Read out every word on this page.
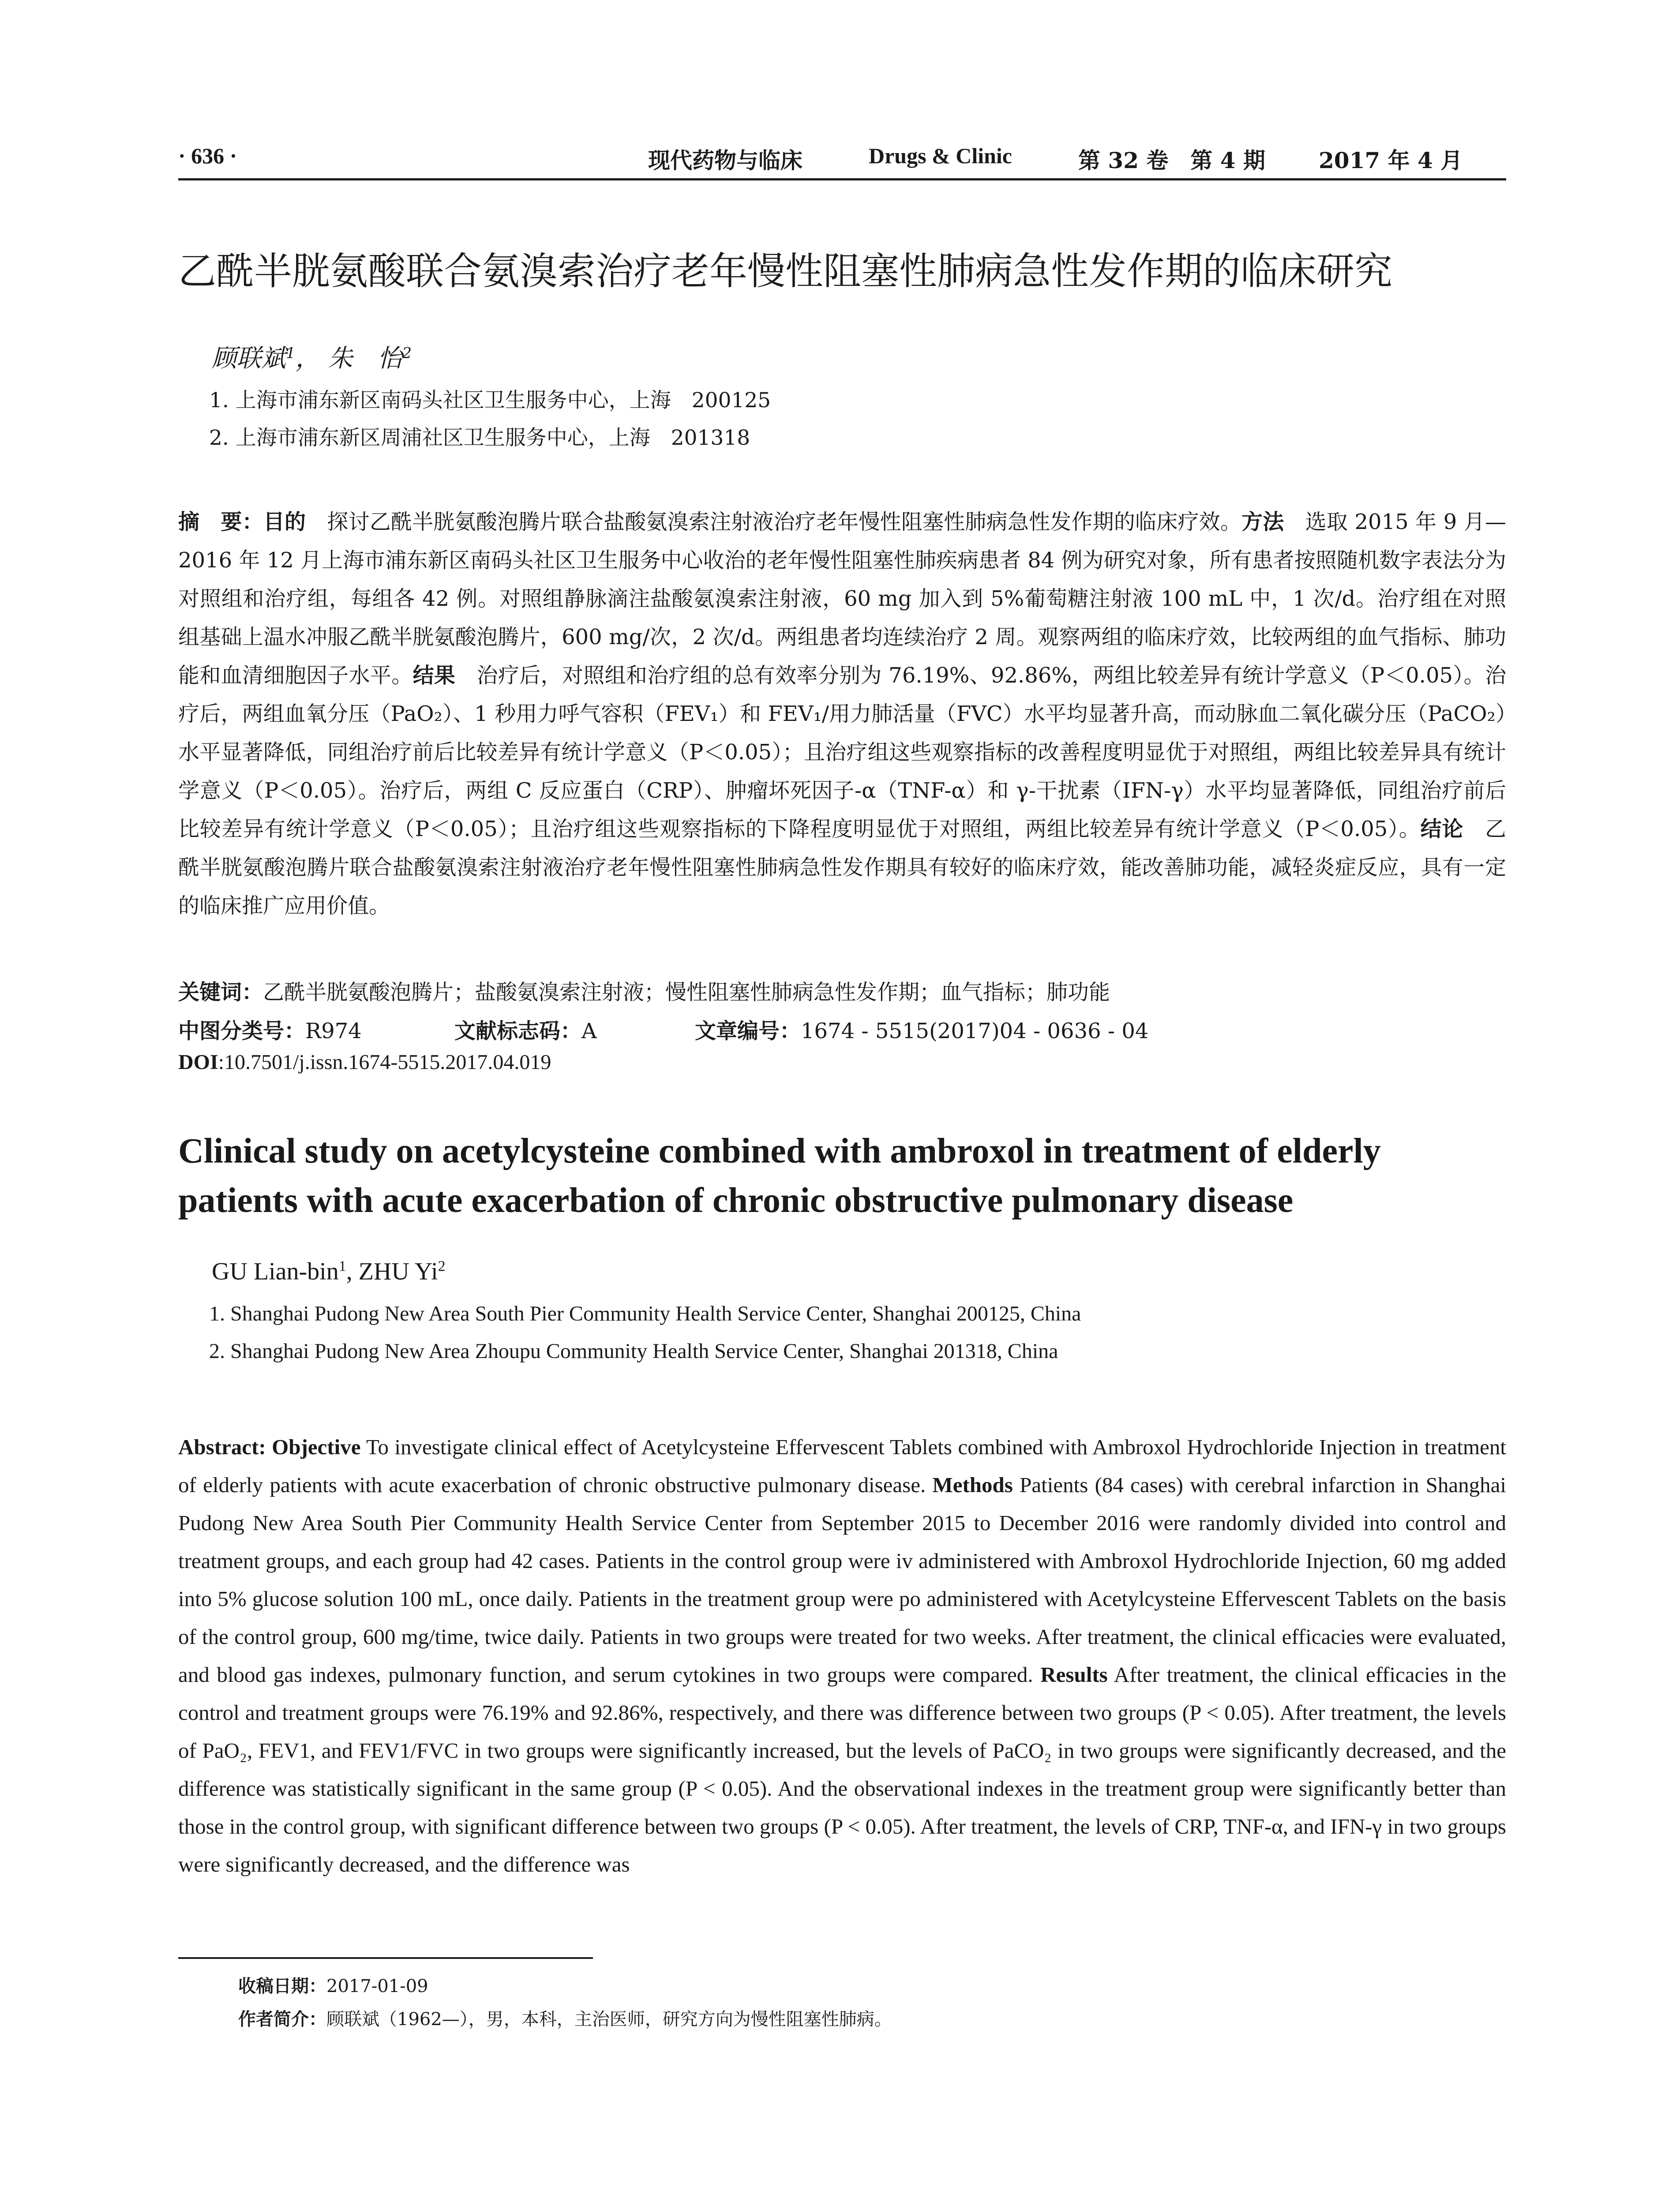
· 636 ·	现代药物与临床	Drugs & Clinic	第 32 卷　第 4 期 2017 年 4 月
乙酰半胱氨酸联合氨溴索治疗老年慢性阻塞性肺病急性发作期的临床研究
顾联斌$^1$， 朱　怡$^2$
1. 上海市浦东新区南码头社区卫生服务中心，上海　200125
2. 上海市浦东新区周浦社区卫生服务中心，上海　201318
摘　要：目的　探讨乙酰半胱氨酸泡腾片联合盐酸氨溴索注射液治疗老年慢性阻塞性肺病急性发作期的临床疗效。方法　选取 2015 年 9 月—2016 年 12 月上海市浦东新区南码头社区卫生服务中心收治的老年慢性阻塞性肺疾病患者 84 例为研究对象，所有患者按照随机数字表法分为对照组和治疗组，每组各 42 例。对照组静脉滴注盐酸氨溴索注射液，60 mg 加入到 5%葡萄糖注射液 100 mL 中，1 次/d。治疗组在对照组基础上温水冲服乙酰半胱氨酸泡腾片，600 mg/次，2 次/d。两组患者均连续治疗 2 周。观察两组的临床疗效，比较两组的血气指标、肺功能和血清细胞因子水平。结果　治疗后，对照组和治疗组的总有效率分别为 76.19%、92.86%，两组比较差异有统计学意义（P＜0.05）。治疗后，两组血氧分压（PaO₂）、1 秒用力呼气容积（FEV₁）和 FEV₁/用力肺活量（FVC）水平均显著升高，而动脉血二氧化碳分压（PaCO₂）水平显著降低，同组治疗前后比较差异有统计学意义（P＜0.05）；且治疗组这些观察指标的改善程度明显优于对照组，两组比较差异具有统计学意义（P＜0.05）。治疗后，两组 C 反应蛋白（CRP）、肿瘤坏死因子-α（TNF-α）和 γ-干扰素（IFN-γ）水平均显著降低，同组治疗前后比较差异有统计学意义（P＜0.05）；且治疗组这些观察指标的下降程度明显优于对照组，两组比较差异有统计学意义（P＜0.05）。结论　乙酰半胱氨酸泡腾片联合盐酸氨溴索注射液治疗老年慢性阻塞性肺病急性发作期具有较好的临床疗效，能改善肺功能，减轻炎症反应，具有一定的临床推广应用价值。
关键词：乙酰半胱氨酸泡腾片；盐酸氨溴索注射液；慢性阻塞性肺病急性发作期；血气指标；肺功能
中图分类号：R974	文献标志码：A	文章编号：1674 - 5515(2017)04 - 0636 - 04
DOI:10.7501/j.issn.1674-5515.2017.04.019
Clinical study on acetylcysteine combined with ambroxol in treatment of elderly patients with acute exacerbation of chronic obstructive pulmonary disease
GU Lian-bin$^1$, ZHU Yi$^2$
1. Shanghai Pudong New Area South Pier Community Health Service Center, Shanghai 200125, China
2. Shanghai Pudong New Area Zhoupu Community Health Service Center, Shanghai 201318, China
Abstract: Objective To investigate clinical effect of Acetylcysteine Effervescent Tablets combined with Ambroxol Hydrochloride Injection in treatment of elderly patients with acute exacerbation of chronic obstructive pulmonary disease. Methods Patients (84 cases) with cerebral infarction in Shanghai Pudong New Area South Pier Community Health Service Center from September 2015 to December 2016 were randomly divided into control and treatment groups, and each group had 42 cases. Patients in the control group were iv administered with Ambroxol Hydrochloride Injection, 60 mg added into 5% glucose solution 100 mL, once daily. Patients in the treatment group were po administered with Acetylcysteine Effervescent Tablets on the basis of the control group, 600 mg/time, twice daily. Patients in two groups were treated for two weeks. After treatment, the clinical efficacies were evaluated, and blood gas indexes, pulmonary function, and serum cytokines in two groups were compared. Results After treatment, the clinical efficacies in the control and treatment groups were 76.19% and 92.86%, respectively, and there was difference between two groups (P < 0.05). After treatment, the levels of PaO₂, FEV1, and FEV1/FVC in two groups were significantly increased, but the levels of PaCO₂ in two groups were significantly decreased, and the difference was statistically significant in the same group (P < 0.05). And the observational indexes in the treatment group were significantly better than those in the control group, with significant difference between two groups (P < 0.05). After treatment, the levels of CRP, TNF-α, and IFN-γ in two groups were significantly decreased, and the difference was
收稿日期：2017-01-09
作者简介：顾联斌（1962—），男，本科，主治医师，研究方向为慢性阻塞性肺病。
